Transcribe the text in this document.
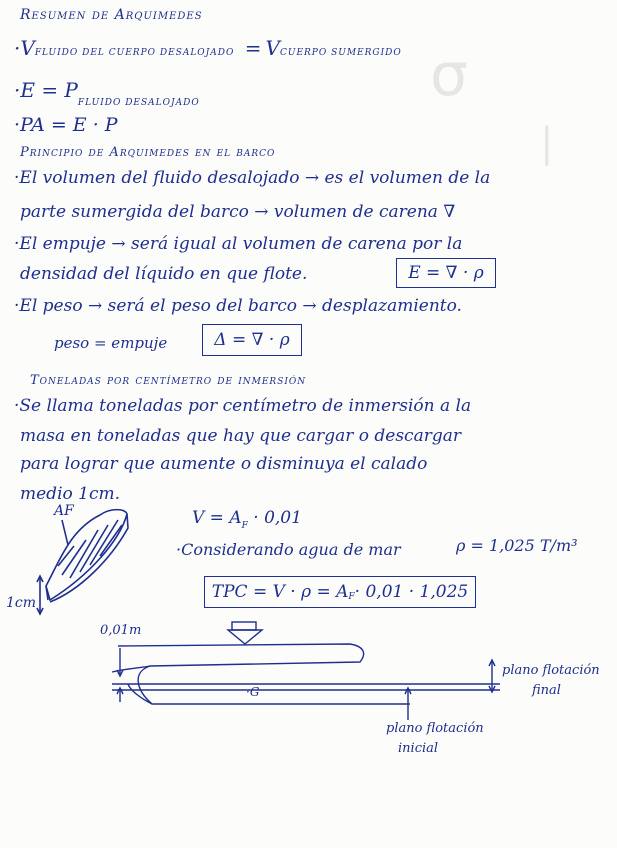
σ
|
Resumen de Arquimedes
·VFLUIDO DEL CUERPO DESALOJADO = VCUERPO SUMERGIDO
$\cdot E = P_{FLUIDO DESALOJADO}$
·PA = E · P
Principio de Arquimedes en el barco
·El volumen del fluido desalojado → es el volumen de la
parte sumergida del barco → volumen de carena ∇
·El empuje → será igual al volumen de carena por la
densidad del líquido en que flote.	E = ∇ · ρ
·El peso → será el peso del barco → desplazamiento.
peso = empuje	Δ = ∇ · ρ
Toneladas por centímetro de inmersión
·Se llama toneladas por centímetro de inmersión a la
masa en toneladas que hay que cargar o descargar
para lograr que aumente o disminuya el calado
medio 1cm.
$V = A_F \cdot 0,01$
·Considerando agua de mar	ρ = 1,025 T/m³
TPC = V · ρ = A F · 0,01 · 1,025
AF
1cm
0,01m
·G
plano flotación
final
plano flotación
inicial
